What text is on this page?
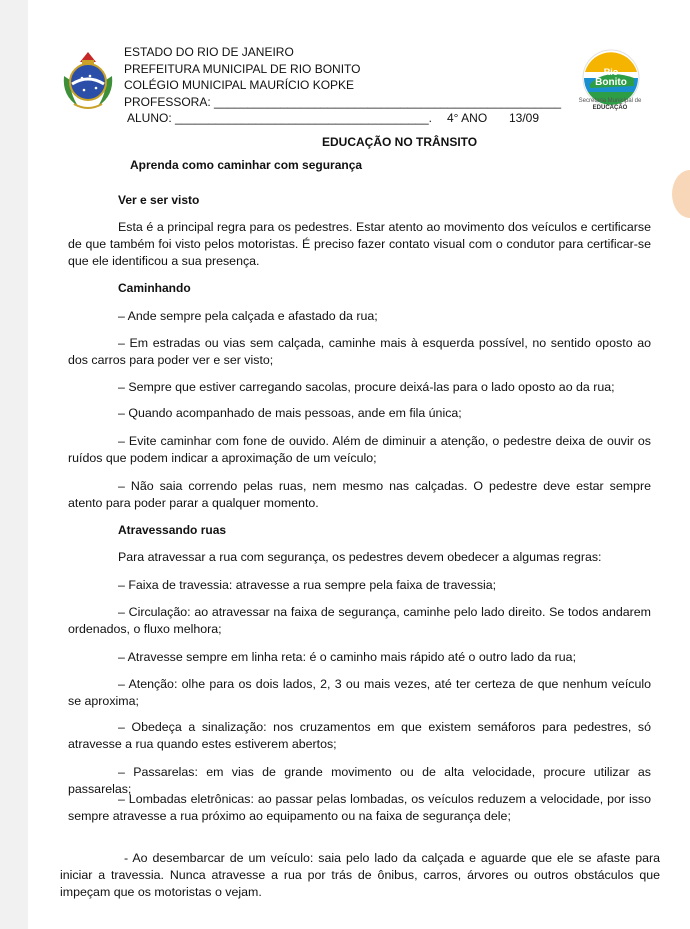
Rio
Bonito
Secretaria Municipal de
EDUCAÇÃO
ESTADO DO RIO DE JANEIRO
PREFEITURA MUNICIPAL DE RIO BONITO
COLÉGIO MUNICIPAL MAURÍCIO KOPKE
PROFESSORA: ____________________________________________________
ALUNO: ______________________________________. 4° ANO 13/09
EDUCAÇÃO NO TRÂNSITO
Aprenda como caminhar com segurança
Ver e ser visto

Esta é a principal regra para os pedestres. Estar atento ao movimento dos veículos e certificarse de que também foi visto pelos motoristas. É preciso fazer contato visual com o condutor para certificar-se que ele identificou a sua presença.

Caminhando

– Ande sempre pela calçada e afastado da rua;

– Em estradas ou vias sem calçada, caminhe mais à esquerda possível, no sentido oposto ao dos carros para poder ver e ser visto;

– Sempre que estiver carregando sacolas, procure deixá-las para o lado oposto ao da rua;

– Quando acompanhado de mais pessoas, ande em fila única;

– Evite caminhar com fone de ouvido. Além de diminuir a atenção, o pedestre deixa de ouvir os ruídos que podem indicar a aproximação de um veículo;

– Não saia correndo pelas ruas, nem mesmo nas calçadas. O pedestre deve estar sempre atento para poder parar a qualquer momento.

Atravessando ruas

Para atravessar a rua com segurança, os pedestres devem obedecer a algumas regras:

– Faixa de travessia: atravesse a rua sempre pela faixa de travessia;

– Circulação: ao atravessar na faixa de segurança, caminhe pelo lado direito. Se todos andarem ordenados, o fluxo melhora;

– Atravesse sempre em linha reta: é o caminho mais rápido até o outro lado da rua;

– Atenção: olhe para os dois lados, 2, 3 ou mais vezes, até ter certeza de que nenhum veículo se aproxima;

– Obedeça a sinalização: nos cruzamentos em que existem semáforos para pedestres, só atravesse a rua quando estes estiverem abertos;

– Passarelas: em vias de grande movimento ou de alta velocidade, procure utilizar as passarelas;

– Lombadas eletrônicas: ao passar pelas lombadas, os veículos reduzem a velocidade, por isso sempre atravesse a rua próximo ao equipamento ou na faixa de segurança dele;

- Ao desembarcar de um veículo: saia pelo lado da calçada e aguarde que ele se afaste para iniciar a travessia. Nunca atravesse a rua por trás de ônibus, carros, árvores ou outros obstáculos que impeçam que os motoristas o vejam.
